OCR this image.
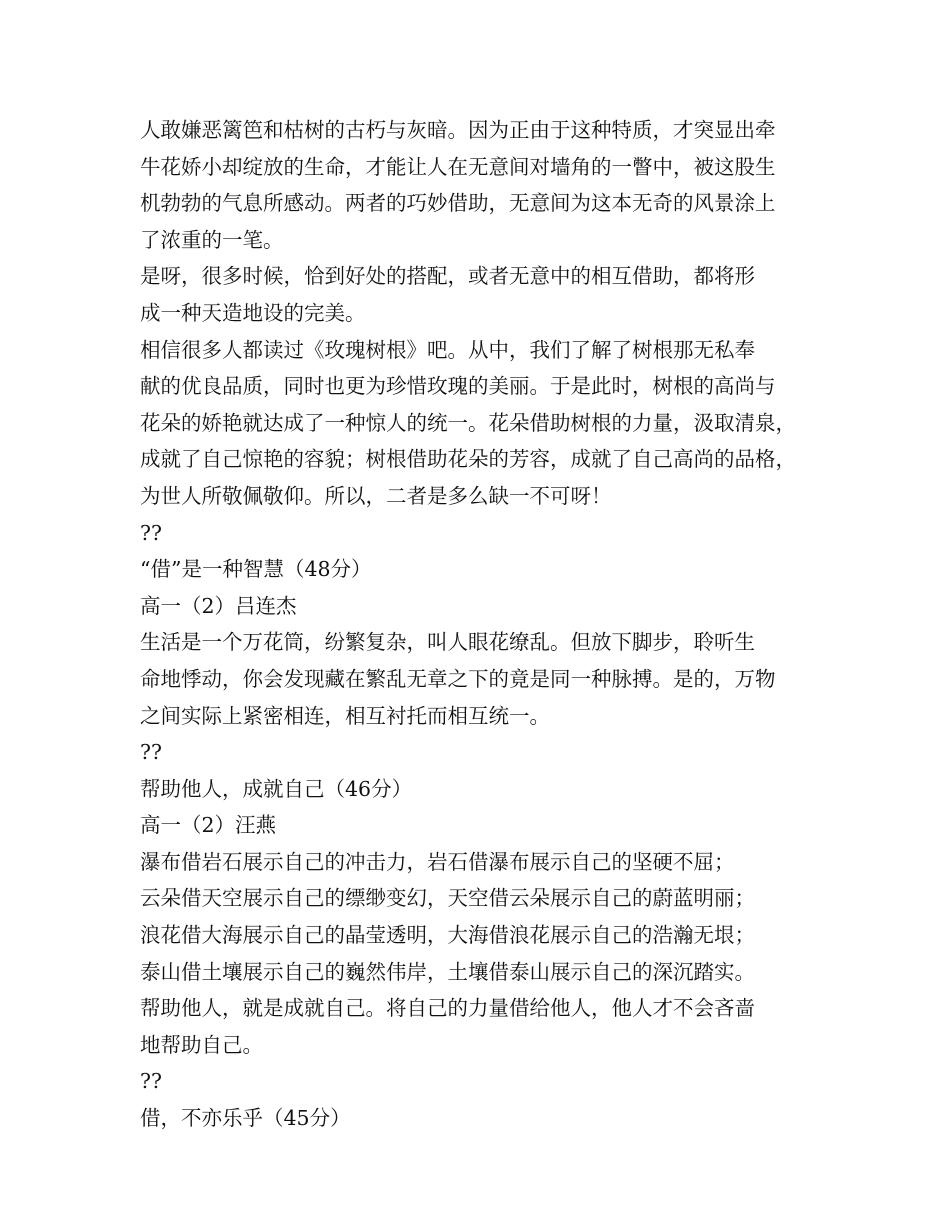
人敢嫌恶篱笆和枯树的古朽与灰暗。因为正由于这种特质，才突显出牵
牛花娇小却绽放的生命，才能让人在无意间对墙角的一瞥中，被这股生
机勃勃的气息所感动。两者的巧妙借助，无意间为这本无奇的风景涂上
了浓重的一笔。
是呀，很多时候，恰到好处的搭配，或者无意中的相互借助，都将形
成一种天造地设的完美。
相信很多人都读过《玫瑰树根》吧。从中，我们了解了树根那无私奉
献的优良品质，同时也更为珍惜玫瑰的美丽。于是此时，树根的高尚与
花朵的娇艳就达成了一种惊人的统一。花朵借助树根的力量，汲取清泉，
成就了自己惊艳的容貌；树根借助花朵的芳容，成就了自己高尚的品格，
为世人所敬佩敬仰。所以，二者是多么缺一不可呀！
??
“借”是一种智慧（48分）
高一（2）吕连杰
生活是一个万花筒，纷繁复杂，叫人眼花缭乱。但放下脚步，聆听生
命地悸动，你会发现藏在繁乱无章之下的竟是同一种脉搏。是的，万物
之间实际上紧密相连，相互衬托而相互统一。
??
帮助他人，成就自己（46分）
高一（2）汪燕
瀑布借岩石展示自己的冲击力，岩石借瀑布展示自己的坚硬不屈；
云朵借天空展示自己的缥缈变幻，天空借云朵展示自己的蔚蓝明丽；
浪花借大海展示自己的晶莹透明，大海借浪花展示自己的浩瀚无垠；
泰山借土壤展示自己的巍然伟岸，土壤借泰山展示自己的深沉踏实。
帮助他人，就是成就自己。将自己的力量借给他人，他人才不会吝啬
地帮助自己。
??
借，不亦乐乎（45分）
